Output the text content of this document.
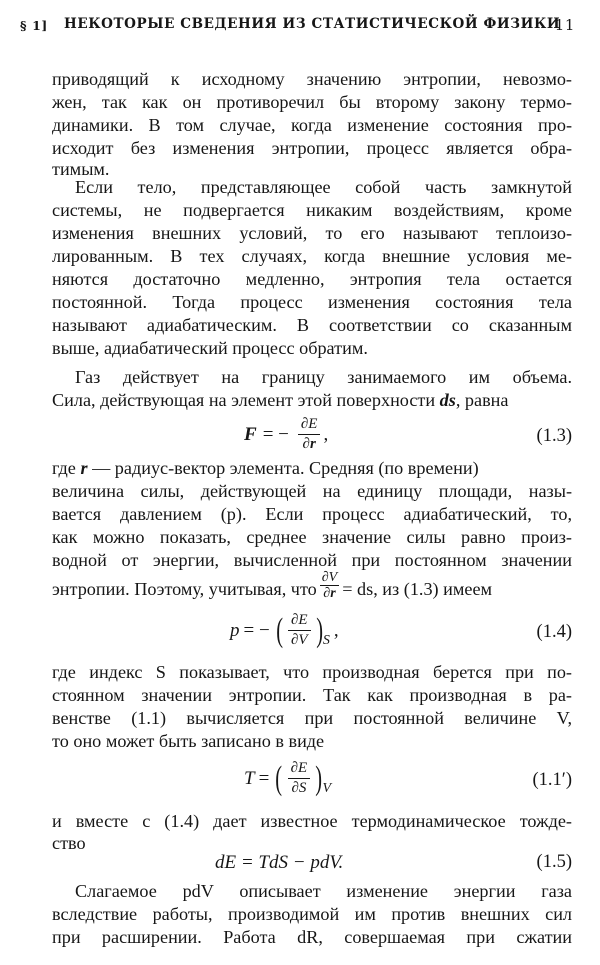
§ 1] НЕКОТОРЫЕ СВЕДЕНИЯ ИЗ СТАТИСТИЧЕСКОЙ ФИЗИКИ
11
приводящий к исходному значению энтропии, невозмо-
жен, так как он противоречил бы второму закону термо-
динамики. В том случае, когда изменение состояния про-
исходит без изменения энтропии, процесс является обра-
тимым.
Если тело, представляющее собой часть замкнутой
системы, не подвергается никаким воздействиям, кроме
изменения внешних условий, то его называют теплоизо-
лированным. В тех случаях, когда внешние условия ме-
няются достаточно медленно, энтропия тела остается
постоянной. Тогда процесс изменения состояния тела
называют адиабатическим. В соответствии со сказанным
выше, адиабатический процесс обратим.
Газ действует на границу занимаемого им объема.
Сила, действующая на элемент этой поверхности ds, равна
F = − $\frac{\partial E}{\partial r}$ ,	(1.3)
где r — радиус-вектор элемента. Средняя (по времени)
величина силы, действующей на единицу площади, назы-
вается давлением (p). Если процесс адиабатический, то,
как можно показать, среднее значение силы равно произ-
водной от энергии, вычисленной при постоянном значении
энтропии. Поэтому, учитывая, что $\frac{\partial V}{\partial r}$ = ds, из (1.3) имеем
p = − ( $\frac{\partial E}{\partial V}$ ) S ,	(1.4)
где индекс S показывает, что производная берется при по-
стоянном значении энтропии. Так как производная в ра-
венстве (1.1) вычисляется при постоянной величине V,
то оно может быть записано в виде
T = ( $\frac{\partial E}{\partial S}$ ) V	(1.1′)
и вместе с (1.4) дает известное термодинамическое тожде-
ство
dE = TdS − pdV.	(1.5)
Слагаемое pdV описывает изменение энергии газа
вследствие работы, производимой им против внешних сил
при расширении. Работа dR, совершаемая при сжатии
